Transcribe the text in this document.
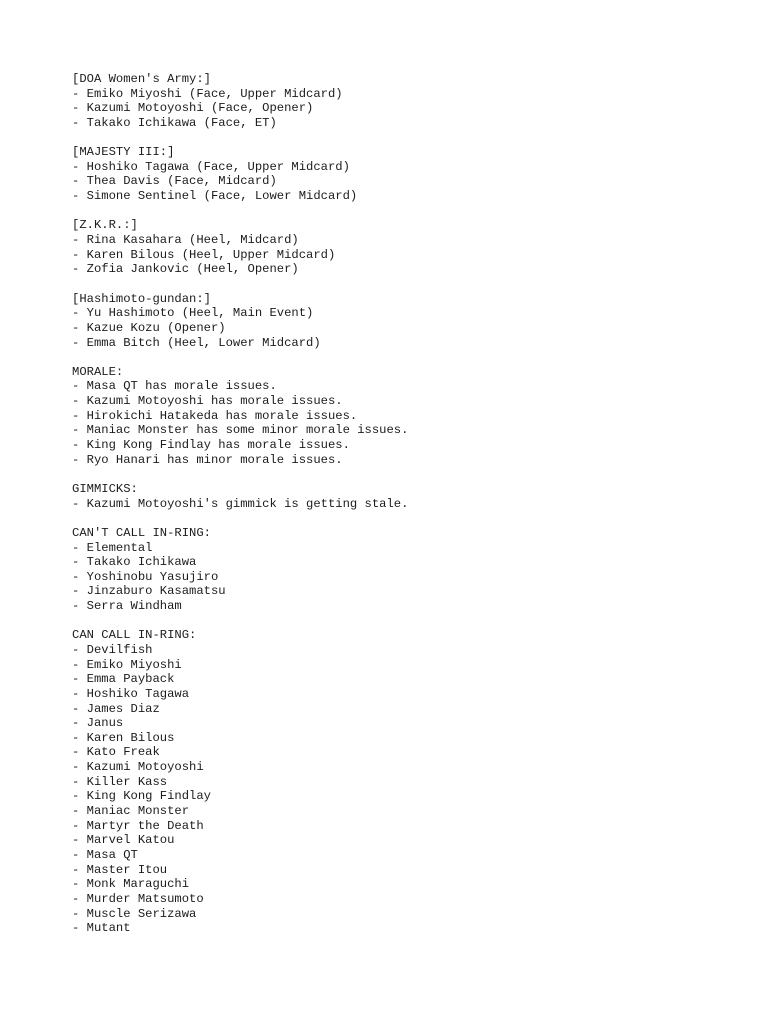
[DOA Women's Army:]
- Emiko Miyoshi (Face, Upper Midcard)
- Kazumi Motoyoshi (Face, Opener)
- Takako Ichikawa (Face, ET)
[MAJESTY III:]
- Hoshiko Tagawa (Face, Upper Midcard)
- Thea Davis (Face, Midcard)
- Simone Sentinel (Face, Lower Midcard)
[Z.K.R.:]
- Rina Kasahara (Heel, Midcard)
- Karen Bilous (Heel, Upper Midcard)
- Zofia Jankovic (Heel, Opener)
[Hashimoto-gundan:]
- Yu Hashimoto (Heel, Main Event)
- Kazue Kozu (Opener)
- Emma Bitch (Heel, Lower Midcard)
MORALE:
- Masa QT has morale issues.
- Kazumi Motoyoshi has morale issues.
- Hirokichi Hatakeda has morale issues.
- Maniac Monster has some minor morale issues.
- King Kong Findlay has morale issues.
- Ryo Hanari has minor morale issues.
GIMMICKS:
- Kazumi Motoyoshi's gimmick is getting stale.
CAN'T CALL IN-RING:
- Elemental
- Takako Ichikawa
- Yoshinobu Yasujiro
- Jinzaburo Kasamatsu
- Serra Windham
CAN CALL IN-RING:
- Devilfish
- Emiko Miyoshi
- Emma Payback
- Hoshiko Tagawa
- James Diaz
- Janus
- Karen Bilous
- Kato Freak
- Kazumi Motoyoshi
- Killer Kass
- King Kong Findlay
- Maniac Monster
- Martyr the Death
- Marvel Katou
- Masa QT
- Master Itou
- Monk Maraguchi
- Murder Matsumoto
- Muscle Serizawa
- Mutant
